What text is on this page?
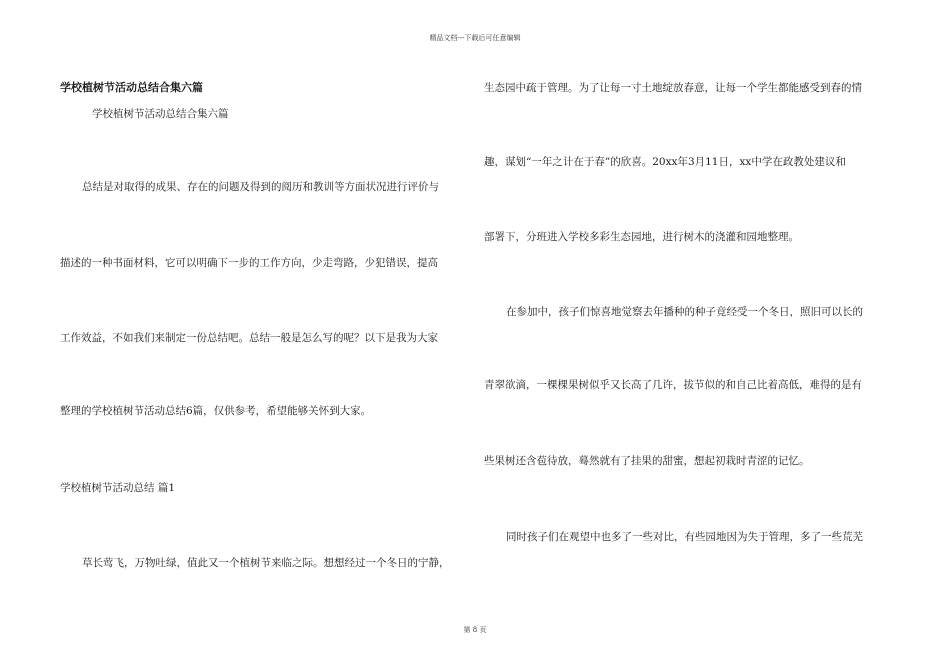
精品文档---下载后可任意编辑
学校植树节活动总结合集六篇
学校植树节活动总结合集六篇
总结是对取得的成果、存在的问题及得到的阅历和教训等方面状况进行评价与
描述的一种书面材料，它可以明确下一步的工作方向，少走弯路，少犯错误，提高
工作效益，不如我们来制定一份总结吧。总结一般是怎么写的呢？以下是我为大家
整理的学校植树节活动总结6篇，仅供参考，希望能够关怀到大家。
学校植树节活动总结 篇1
草长莺飞，万物吐绿，值此又一个植树节来临之际。想想经过一个冬日的宁静，
生态园中疏于管理。为了让每一寸土地绽放春意，让每一个学生都能感受到春的情
趣，谋划“一年之计在于春”的欣喜。20xx年3月11日，xx中学在政教处建议和
部署下，分班进入学校多彩生态园地，进行树木的浇灌和园地整理。
在参加中，孩子们惊喜地觉察去年播种的种子竟经受一个冬日，照旧可以长的
青翠欲滴，一棵棵果树似乎又长高了几许，拔节似的和自己比着高低，难得的是有
些果树还含苞待放，蓦然就有了挂果的甜蜜，想起初栽时青涩的记忆。
同时孩子们在观望中也多了一些对比，有些园地因为失于管理，多了一些荒芜
第 8 页
